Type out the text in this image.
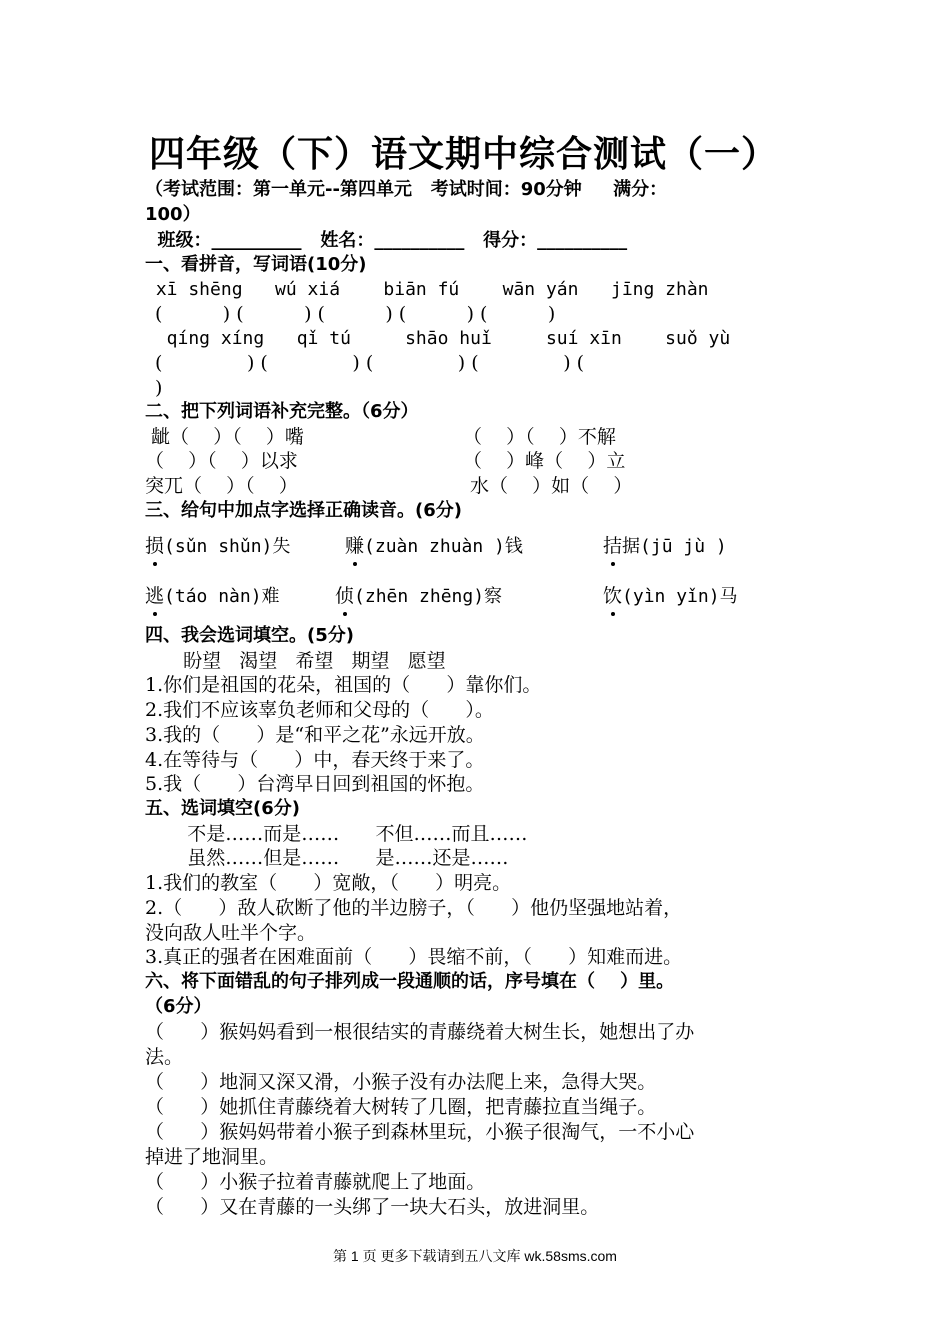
四年级（下）语文期中综合测试（一）
（考试范围：第一单元--第四单元   考试时间：90分钟     满分：
100）
班级：__________   姓名：__________   得分：__________
一、看拼音，写词语(10分)
xī shēng   wú xiá    biān fú    wān yán   jīng zhàn
(          ) (          ) (          ) (          ) (          )
qíng xíng   qǐ tú     shāo huǐ     suí xīn    suǒ yù
(              ) (              ) (              ) (              ) (
)
二、把下列词语补充完整。（6分）
龇（    ）（    ）嘴	（    ）（    ）不解
（    ）（    ）以求	（    ）峰（    ）立
突兀（    ）（    ）	水（    ）如（    ）
三、给句中加点字选择正确读音。(6分)
损(sǔn shǔn)失	赚(zuàn zhuàn )钱	拮据(jū jù )
逃(táo nàn)难	侦(zhēn zhēng)察	饮(yìn yǐn)马
四、我会选词填空。(5分)
盼望   渴望   希望   期望   愿望
1.你们是祖国的花朵，祖国的（      ）靠你们。
2.我们不应该辜负老师和父母的（      ）。
3.我的（      ）是“和平之花”永远开放。
4.在等待与（      ）中，春天终于来了。
5.我（      ）台湾早日回到祖国的怀抱。
五、选词填空(6分)
不是……而是……      不但……而且……
虽然……但是……      是……还是……
1.我们的教室（      ）宽敞，（      ）明亮。
2.（      ）敌人砍断了他的半边膀子，（      ）他仍坚强地站着，
没向敌人吐半个字。
3.真正的强者在困难面前（      ）畏缩不前，（      ）知难而进。
六、将下面错乱的句子排列成一段通顺的话，序号填在（    ）里。
（6分）
（      ）猴妈妈看到一根很结实的青藤绕着大树生长，她想出了办
法。
（      ）地洞又深又滑，小猴子没有办法爬上来，急得大哭。
（      ）她抓住青藤绕着大树转了几圈，把青藤拉直当绳子。
（      ）猴妈妈带着小猴子到森林里玩，小猴子很淘气，一不小心
掉进了地洞里。
（      ）小猴子拉着青藤就爬上了地面。
（      ）又在青藤的一头绑了一块大石头，放进洞里。
第 1 页 更多下载请到五八文库 wk.58sms.com
